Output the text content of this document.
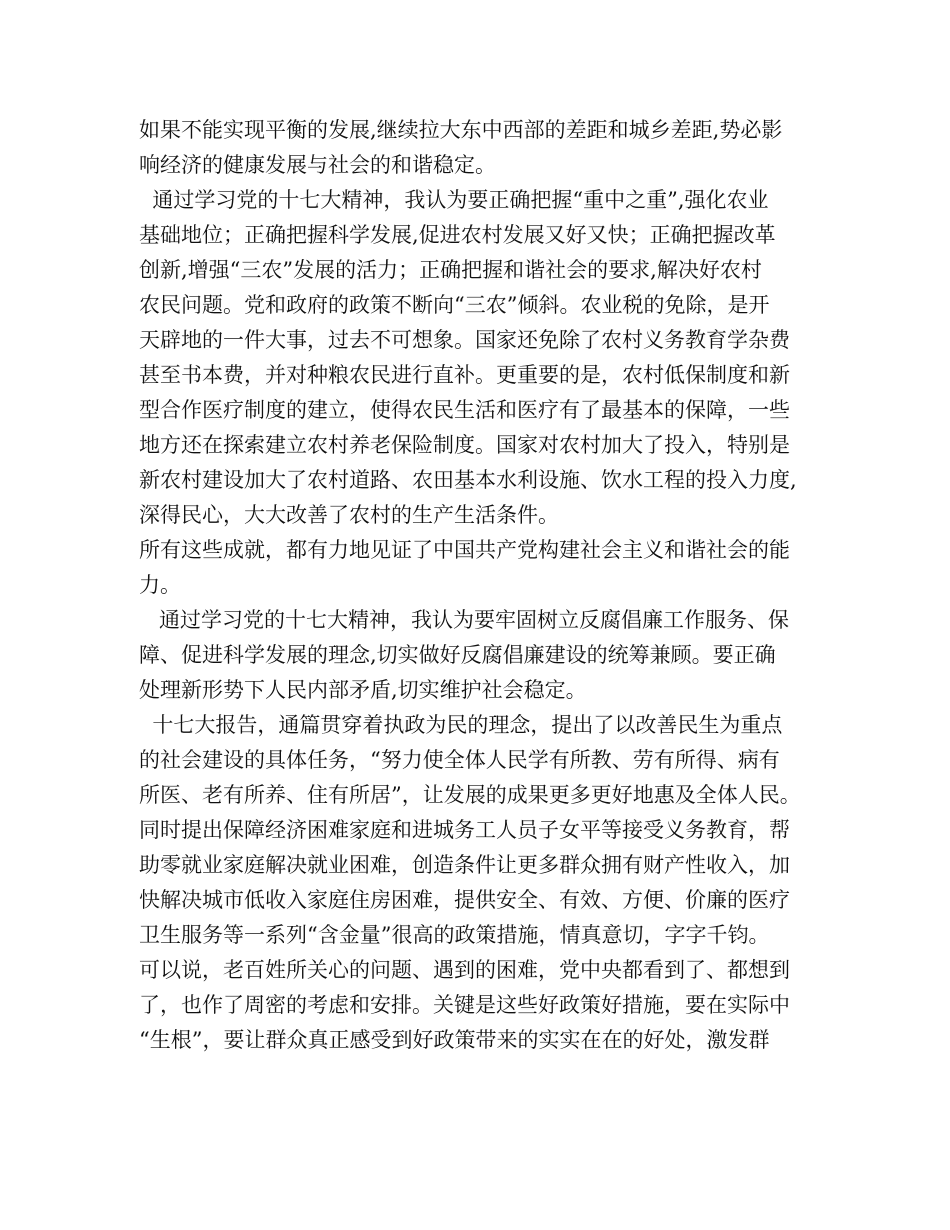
如果不能实现平衡的发展,继续拉大东中西部的差距和城乡差距,势必影
响经济的健康发展与社会的和谐稳定。
通过学习党的十七大精神，我认为要正确把握“重中之重”,强化农业
基础地位；正确把握科学发展,促进农村发展又好又快；正确把握改革
创新,增强“三农”发展的活力；正确把握和谐社会的要求,解决好农村
农民问题。党和政府的政策不断向“三农”倾斜。农业税的免除，是开
天辟地的一件大事，过去不可想象。国家还免除了农村义务教育学杂费
甚至书本费，并对种粮农民进行直补。更重要的是，农村低保制度和新
型合作医疗制度的建立，使得农民生活和医疗有了最基本的保障，一些
地方还在探索建立农村养老保险制度。国家对农村加大了投入，特别是
新农村建设加大了农村道路、农田基本水利设施、饮水工程的投入力度,
深得民心，大大改善了农村的生产生活条件。
所有这些成就，都有力地见证了中国共产党构建社会主义和谐社会的能
力。
通过学习党的十七大精神，我认为要牢固树立反腐倡廉工作服务、保
障、促进科学发展的理念,切实做好反腐倡廉建设的统筹兼顾。要正确
处理新形势下人民内部矛盾,切实维护社会稳定。
十七大报告，通篇贯穿着执政为民的理念，提出了以改善民生为重点
的社会建设的具体任务，“努力使全体人民学有所教、劳有所得、病有
所医、老有所养、住有所居”，让发展的成果更多更好地惠及全体人民。
同时提出保障经济困难家庭和进城务工人员子女平等接受义务教育，帮
助零就业家庭解决就业困难，创造条件让更多群众拥有财产性收入，加
快解决城市低收入家庭住房困难，提供安全、有效、方便、价廉的医疗
卫生服务等一系列“含金量”很高的政策措施，情真意切，字字千钧。
可以说，老百姓所关心的问题、遇到的困难，党中央都看到了、都想到
了，也作了周密的考虑和安排。关键是这些好政策好措施，要在实际中
“生根”，要让群众真正感受到好政策带来的实实在在的好处，激发群
